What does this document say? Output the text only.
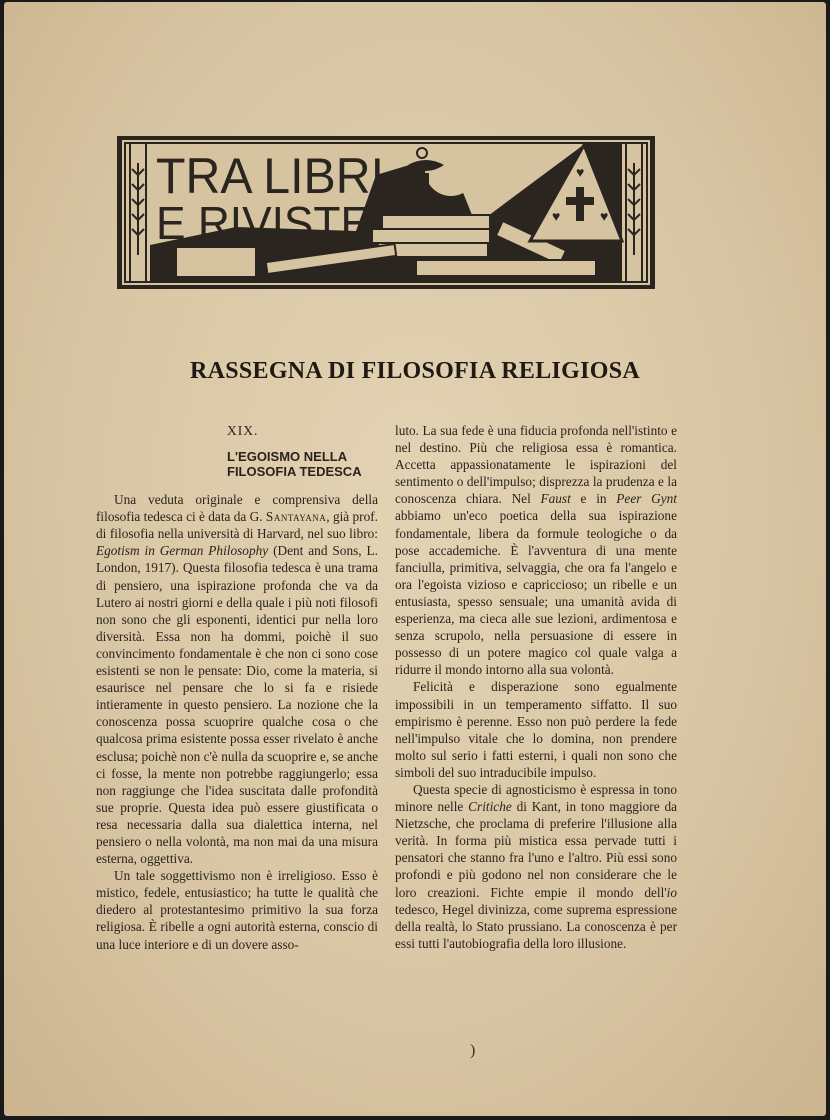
♥
♥	♥
TRA LIBRI
E RIVISTE
RASSEGNA DI FILOSOFIA RELIGIOSA
XIX.
L'EGOISMO NELLA
FILOSOFIA TEDESCA

Una veduta originale e comprensiva della filosofia tedesca ci è data da G. Santayana, già prof. di filosofia nella università di Harvard, nel suo libro: Egotism in German Philosophy (Dent and Sons, L. London, 1917). Questa filosofia tedesca è una trama di pensiero, una ispirazione profonda che va da Lutero ai nostri giorni e della quale i più noti filosofi non sono che gli esponenti, identici pur nella loro diversità. Essa non ha dommi, poichè il suo convincimento fondamentale è che non ci sono cose esistenti se non le pensate: Dio, come la materia, si esaurisce nel pensare che lo si fa e risiede intieramente in questo pensiero. La nozione che la conoscenza possa scuoprire qualche cosa o che qualcosa prima esistente possa esser rivelato è anche esclusa; poichè non c'è nulla da scuoprire e, se anche ci fosse, la mente non potrebbe raggiungerlo; essa non raggiunge che l'idea suscitata dalle profondità sue proprie. Questa idea può essere giustificata o resa necessaria dalla sua dialettica interna, nel pensiero o nella volontà, ma non mai da una misura esterna, oggettiva.

Un tale soggettivismo non è irreligioso. Esso è mistico, fedele, entusiastico; ha tutte le qualità che diedero al protestantesimo primitivo la sua forza religiosa. È ribelle a ogni autorità esterna, conscio di una luce interiore e di un dovere asso-

luto. La sua fede è una fiducia profonda nell'istinto e nel destino. Più che religiosa essa è romantica. Accetta appassionatamente le ispirazioni del sentimento o dell'impulso; disprezza la prudenza e la conoscenza chiara. Nel Faust e in Peer Gynt abbiamo un'eco poetica della sua ispirazione fondamentale, libera da formule teologiche o da pose accademiche. È l'avventura di una mente fanciulla, primitiva, selvaggia, che ora fa l'angelo e ora l'egoista vizioso e capriccioso; un ribelle e un entusiasta, spesso sensuale; una umanità avida di esperienza, ma cieca alle sue lezioni, ardimentosa e senza scrupolo, nella persuasione di essere in possesso di un potere magico col quale valga a ridurre il mondo intorno alla sua volontà.

Felicità e disperazione sono egualmente impossibili in un temperamento siffatto. Il suo empirismo è perenne. Esso non può perdere la fede nell'impulso vitale che lo domina, non prendere molto sul serio i fatti esterni, i quali non sono che simboli del suo intraducibile impulso.

Questa specie di agnosticismo è espressa in tono minore nelle Critiche di Kant, in tono maggiore da Nietzsche, che proclama di preferire l'illusione alla verità. In forma più mistica essa pervade tutti i pensatori che stanno fra l'uno e l'altro. Più essi sono profondi e più godono nel non considerare che le loro creazioni. Fichte empie il mondo dell'io tedesco, Hegel divinizza, come suprema espressione della realtà, lo Stato prussiano. La conoscenza è per essi tutti l'autobiografia della loro illusione.

)
